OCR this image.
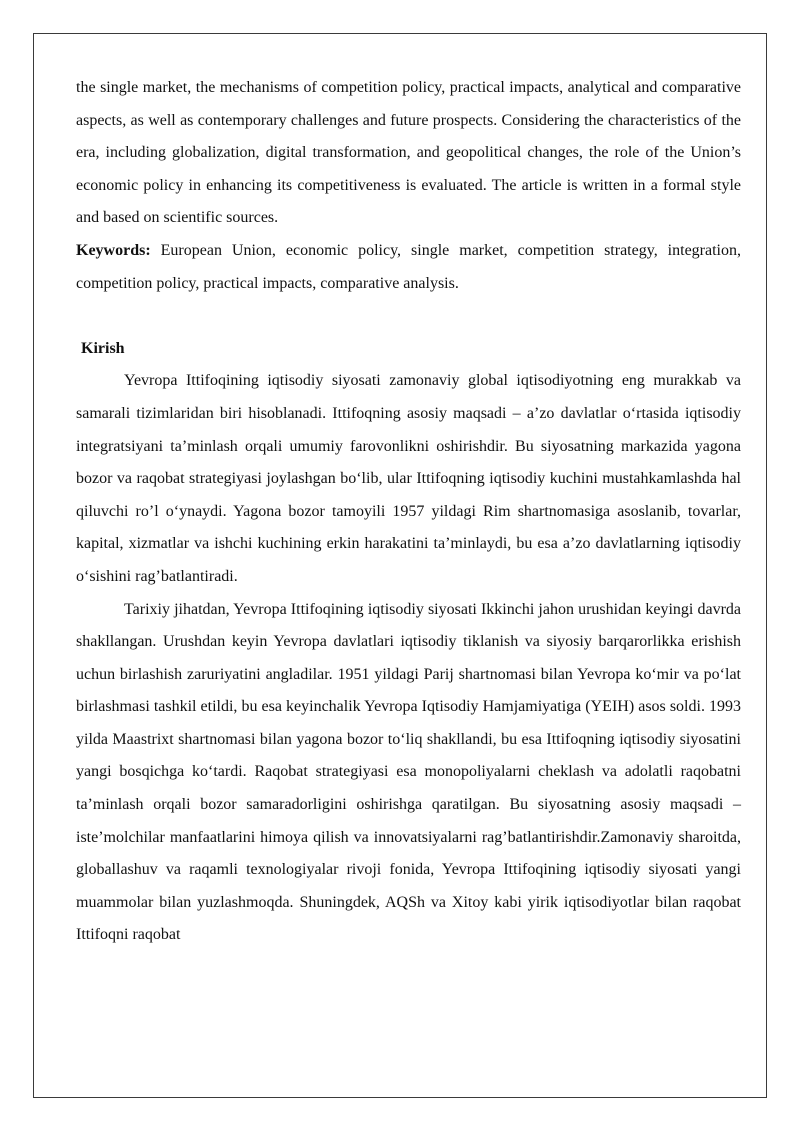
the single market, the mechanisms of competition policy, practical impacts, analytical and comparative aspects, as well as contemporary challenges and future prospects. Considering the characteristics of the era, including globalization, digital transformation, and geopolitical changes, the role of the Union’s economic policy in enhancing its competitiveness is evaluated. The article is written in a formal style and based on scientific sources.

Keywords: European Union, economic policy, single market, competition strategy, integration, competition policy, practical impacts, comparative analysis.

Kirish

Yevropa Ittifoqining iqtisodiy siyosati zamonaviy global iqtisodiyotning eng murakkab va samarali tizimlaridan biri hisoblanadi. Ittifoqning asosiy maqsadi – a’zo davlatlar o‘rtasida iqtisodiy integratsiyani ta’minlash orqali umumiy farovonlikni oshirishdir. Bu siyosatning markazida yagona bozor va raqobat strategiyasi joylashgan bo‘lib, ular Ittifoqning iqtisodiy kuchini mustahkamlashda hal qiluvchi ro’l o‘ynaydi. Yagona bozor tamoyili 1957 yildagi Rim shartnomasiga asoslanib, tovarlar, kapital, xizmatlar va ishchi kuchining erkin harakatini ta’minlaydi, bu esa a’zo davlatlarning iqtisodiy o‘sishini rag’batlantiradi.

Tarixiy jihatdan, Yevropa Ittifoqining iqtisodiy siyosati Ikkinchi jahon urushidan keyingi davrda shakllangan. Urushdan keyin Yevropa davlatlari iqtisodiy tiklanish va siyosiy barqarorlikka erishish uchun birlashish zaruriyatini angladilar. 1951 yildagi Parij shartnomasi bilan Yevropa ko‘mir va po‘lat birlashmasi tashkil etildi, bu esa keyinchalik Yevropa Iqtisodiy Hamjamiyatiga (YEIH) asos soldi. 1993 yilda Maastrixt shartnomasi bilan yagona bozor to‘liq shakllandi, bu esa Ittifoqning iqtisodiy siyosatini yangi bosqichga ko‘tardi. Raqobat strategiyasi esa monopoliyalarni cheklash va adolatli raqobatni ta’minlash orqali bozor samaradorligini oshirishga qaratilgan. Bu siyosatning asosiy maqsadi – iste’molchilar manfaatlarini himoya qilish va innovatsiyalarni rag’batlantirishdir.Zamonaviy sharoitda, globallashuv va raqamli texnologiyalar rivoji fonida, Yevropa Ittifoqining iqtisodiy siyosati yangi muammolar bilan yuzlashmoqda. Shuningdek, AQSh va Xitoy kabi yirik iqtisodiyotlar bilan raqobat Ittifoqni raqobat
